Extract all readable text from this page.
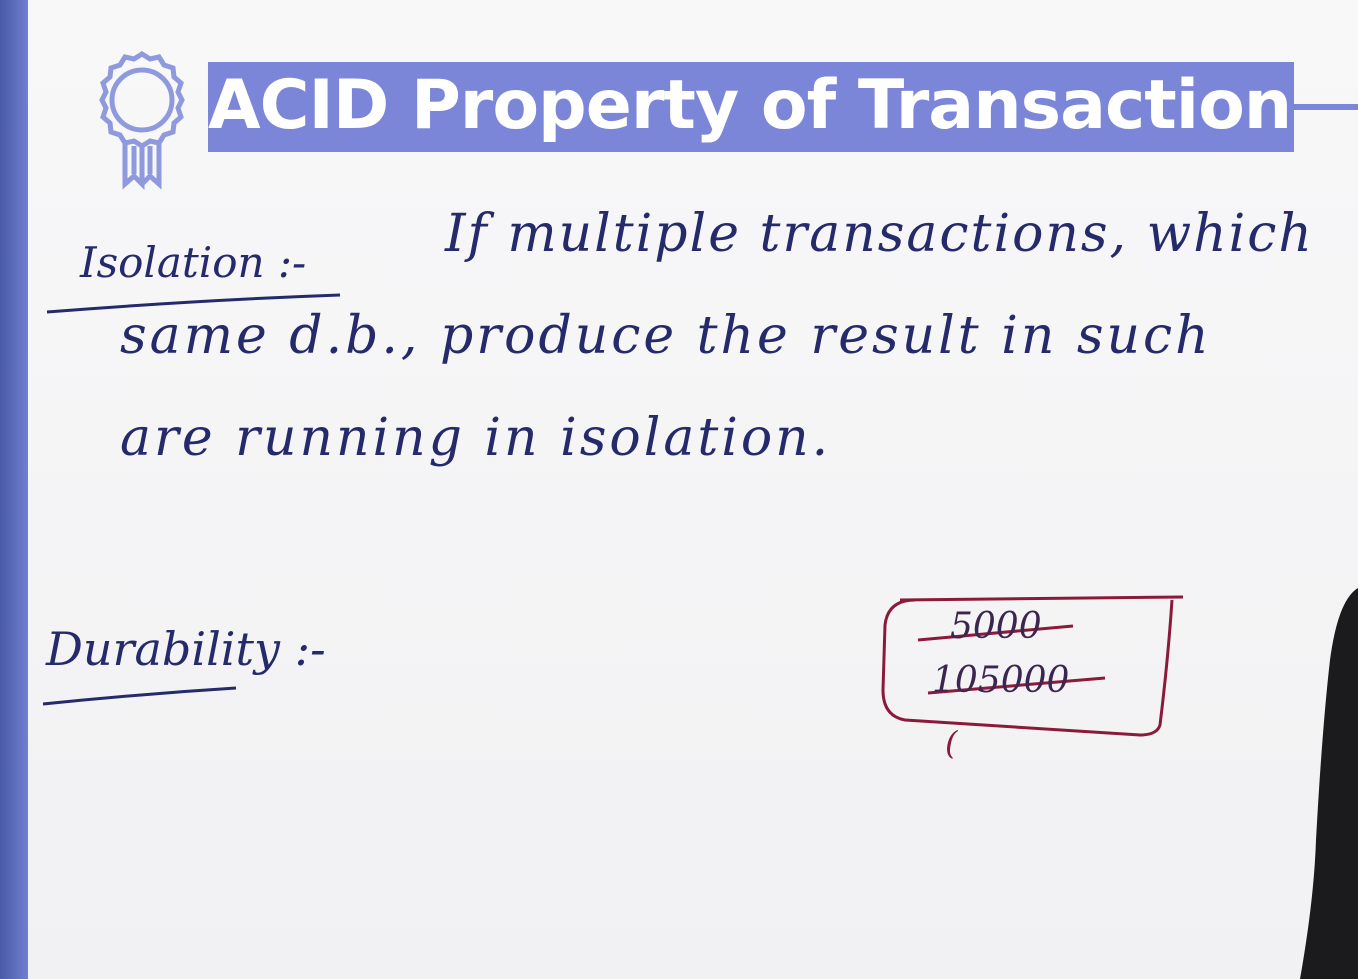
ACID Property of Transaction
Isolation :-	If multiple transactions, which
same d.b., produce the result in such
are running in isolation.
Durability :-	5000
105000
(
